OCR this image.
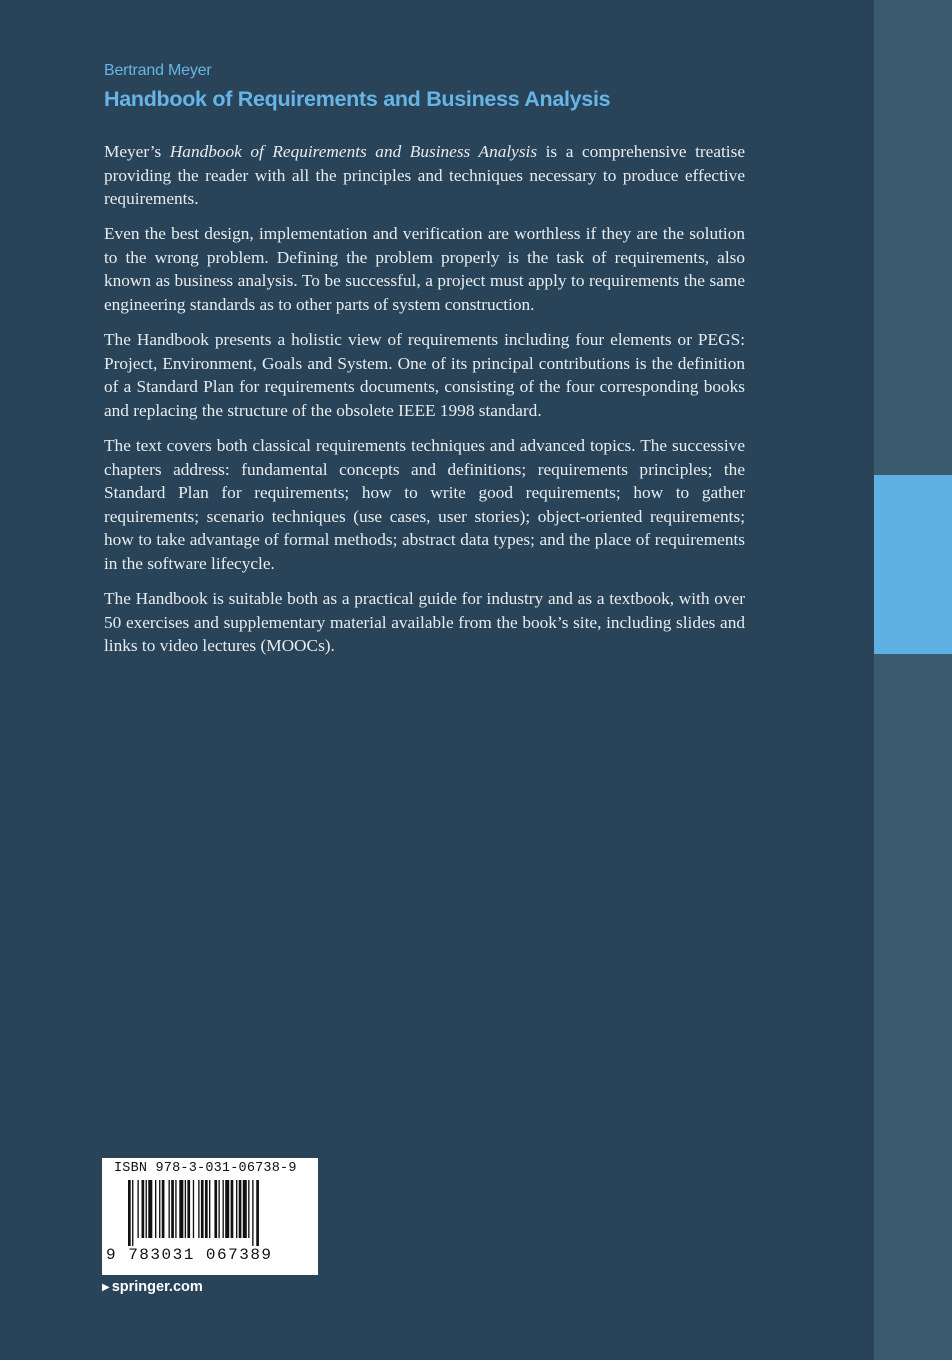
Bertrand Meyer
Handbook of Requirements and Business Analysis

Meyer’s Handbook of Requirements and Business Analysis is a comprehensive treatise providing the reader with all the principles and techniques necessary to produce effective requirements.

Even the best design, implementation and verification are worthless if they are the solution to the wrong problem. Defining the problem properly is the task of requirements, also known as business analysis. To be successful, a project must apply to requirements the same engineering standards as to other parts of system construction.

The Handbook presents a holistic view of requirements including four elements or PEGS: Project, Environment, Goals and System. One of its principal contributions is the definition of a Standard Plan for requirements documents, consisting of the four corresponding books and replacing the structure of the obsolete IEEE 1998 standard.

The text covers both classical requirements techniques and advanced topics. The successive chapters address: fundamental concepts and definitions; requirements principles; the Standard Plan for requirements; how to write good requirements; how to gather requirements; scenario techniques (use cases, user stories); object-oriented requirements; how to take advantage of formal methods; abstract data types; and the place of requirements in the software lifecycle.

The Handbook is suitable both as a practical guide for industry and as a textbook, with over 50 exercises and supplementary material available from the book’s site, including slides and links to video lectures (MOOCs).

ISBN 978-3-031-06738-9
9 783031 067389
▶ springer.com
